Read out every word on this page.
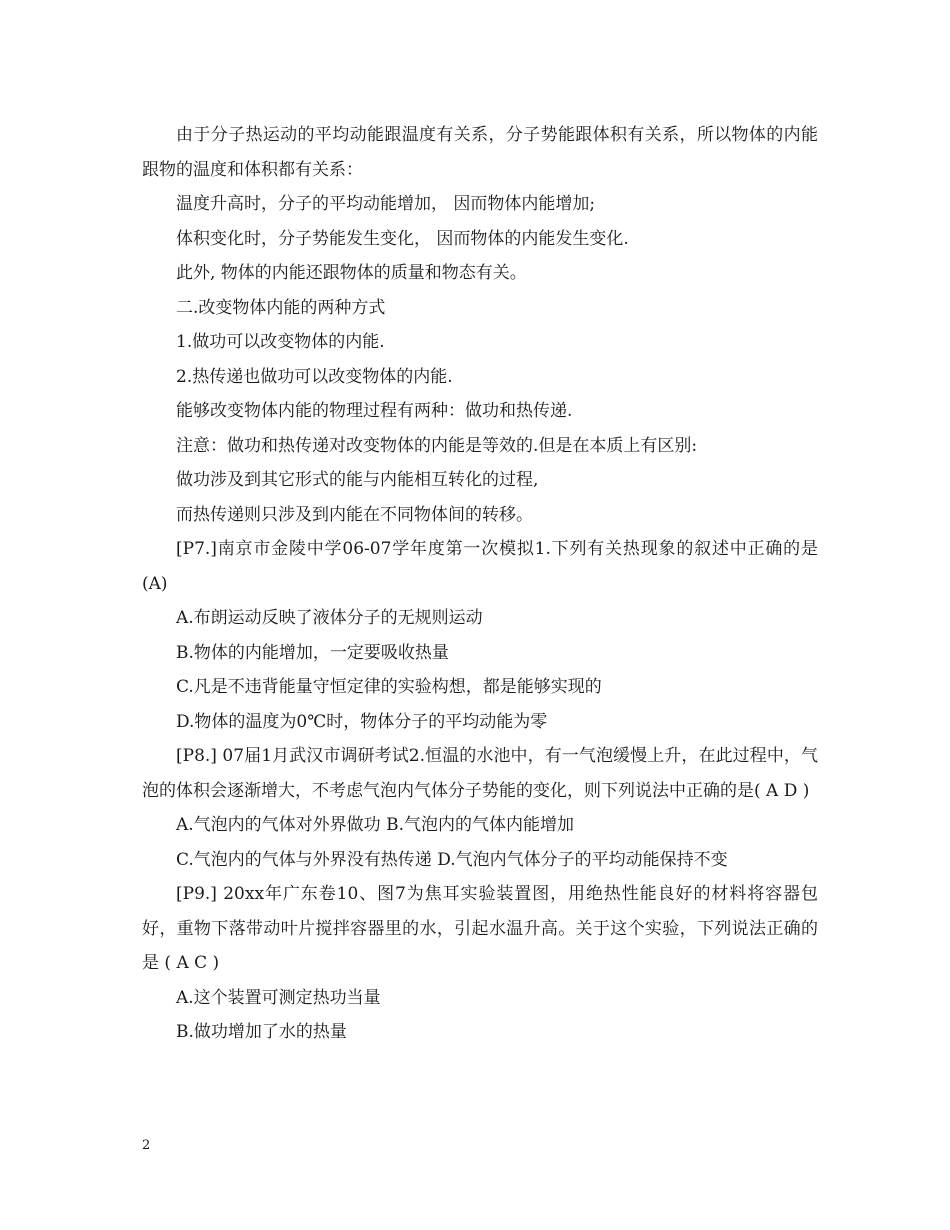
由于分子热运动的平均动能跟温度有关系，分子势能跟体积有关系，所以物体的内能跟物的温度和体积都有关系：

温度升高时，分子的平均动能增加， 因而物体内能增加;

体积变化时，分子势能发生变化， 因而物体的内能发生变化.

此外, 物体的内能还跟物体的质量和物态有关。

二.改变物体内能的两种方式

1.做功可以改变物体的内能.

2.热传递也做功可以改变物体的内能.

能够改变物体内能的物理过程有两种：做功和热传递.

注意：做功和热传递对改变物体的内能是等效的.但是在本质上有区别:

做功涉及到其它形式的能与内能相互转化的过程,

而热传递则只涉及到内能在不同物体间的转移。

[P7.]南京市金陵中学06-07学年度第一次模拟1.下列有关热现象的叙述中正确的是 (A)

A.布朗运动反映了液体分子的无规则运动

B.物体的内能增加，一定要吸收热量

C.凡是不违背能量守恒定律的实验构想，都是能够实现的

D.物体的温度为0℃时，物体分子的平均动能为零

[P8.] 07届1月武汉市调研考试2.恒温的水池中，有一气泡缓慢上升，在此过程中，气泡的体积会逐渐增大，不考虑气泡内气体分子势能的变化，则下列说法中正确的是( A D )

A.气泡内的气体对外界做功 B.气泡内的气体内能增加

C.气泡内的气体与外界没有热传递 D.气泡内气体分子的平均动能保持不变

[P9.] 20xx年广东卷10、图7为焦耳实验装置图，用绝热性能良好的材料将容器包好，重物下落带动叶片搅拌容器里的水，引起水温升高。关于这个实验，下列说法正确的是 ( A C )

A.这个装置可测定热功当量

B.做功增加了水的热量

2
